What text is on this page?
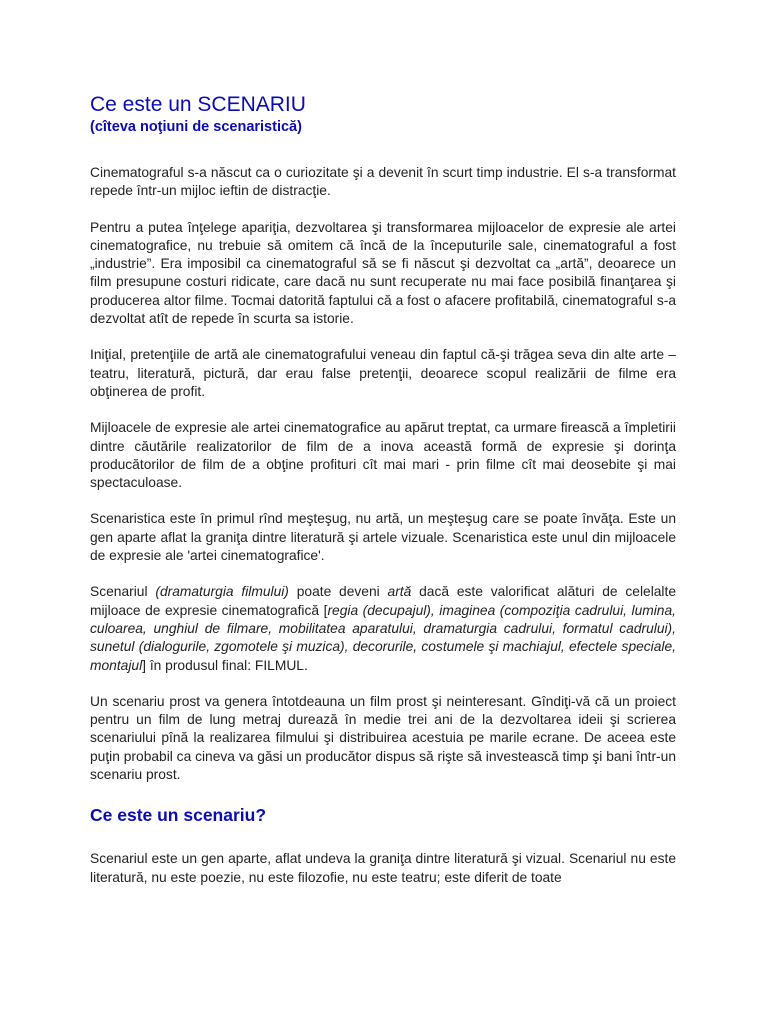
Ce este un SCENARIU
(cîteva noţiuni de scenaristică)

Cinematograful s-a născut ca o curiozitate şi a devenit în scurt timp industrie. El s-a transformat repede într-un mijloc ieftin de distracţie.

Pentru a putea înţelege apariţia, dezvoltarea şi transformarea mijloacelor de expresie ale artei cinematografice, nu trebuie să omitem că încă de la începuturile sale, cinematograful a fost „industrie”. Era imposibil ca cinematograful să se fi născut şi dezvoltat ca „artă”, deoarece un film presupune costuri ridicate, care dacă nu sunt recuperate nu mai face posibilă finanţarea şi producerea altor filme. Tocmai datorită faptului că a fost o afacere profitabilă, cinematograful s-a dezvoltat atît de repede în scurta sa istorie.

Iniţial, pretenţiile de artă ale cinematografului veneau din faptul că-şi trăgea seva din alte arte – teatru, literatură, pictură, dar erau false pretenţii, deoarece scopul realizării de filme era obţinerea de profit.

Mijloacele de expresie ale artei cinematografice au apărut treptat, ca urmare firească a împletirii dintre căutările realizatorilor de film de a inova această formă de expresie şi dorinţa producătorilor de film de a obţine profituri cît mai mari - prin filme cît mai deosebite şi mai spectaculoase.

Scenaristica este în primul rînd meşteşug, nu artă, un meşteşug care se poate învăţa. Este un gen aparte aflat la graniţa dintre literatură şi artele vizuale. Scenaristica este unul din mijloacele de expresie ale 'artei cinematografice'.

Scenariul (dramaturgia filmului) poate deveni artă dacă este valorificat alături de celelalte mijloace de expresie cinematografică [regia (decupajul), imaginea (compoziţia cadrului, lumina, culoarea, unghiul de filmare, mobilitatea aparatului, dramaturgia cadrului, formatul cadrului), sunetul (dialogurile, zgomotele şi muzica), decorurile, costumele şi machiajul, efectele speciale, montajul] în produsul final: FILMUL.

Un scenariu prost va genera întotdeauna un film prost şi neinteresant. Gîndiţi-vă că un proiect pentru un film de lung metraj durează în medie trei ani de la dezvoltarea ideii şi scrierea scenariului pînă la realizarea filmului şi distribuirea acestuia pe marile ecrane. De aceea este puţin probabil ca cineva va găsi un producător dispus să rişte să investească timp şi bani într-un scenariu prost.

Ce este un scenariu?

Scenariul este un gen aparte, aflat undeva la graniţa dintre literatură şi vizual. Scenariul nu este literatură, nu este poezie, nu este filozofie, nu este teatru; este diferit de toate
